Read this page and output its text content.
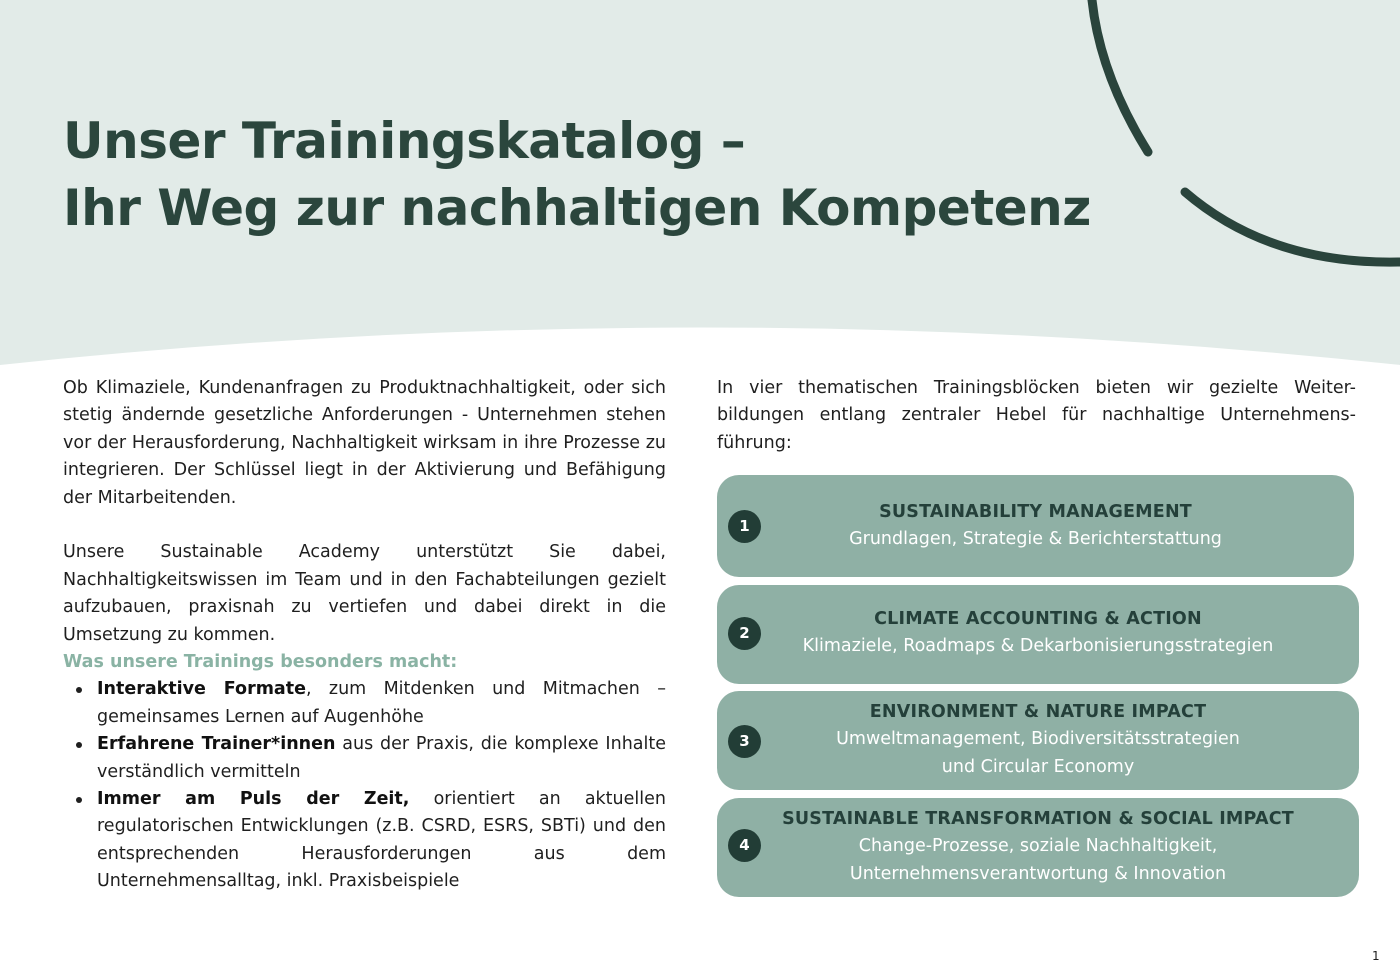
Unser Trainingskatalog –
Ihr Weg zur nachhaltigen Kompetenz

Ob Klimaziele, Kundenanfragen zu Produktnachhaltigkeit, oder sich stetig ändernde gesetzliche Anforderungen - Unternehmen stehen vor der Herausforderung, Nachhaltigkeit wirksam in ihre Prozesse zu integrieren. Der Schlüssel liegt in der Aktivierung und Befähigung der Mitarbeitenden.

Unsere Sustainable Academy unterstützt Sie dabei, Nachhaltigkeitswissen im Team und in den Fachabteilungen gezielt aufzubauen, praxisnah zu vertiefen und dabei direkt in die Umsetzung zu kommen.

Was unsere Trainings besonders macht:

Interaktive Formate, zum Mitdenken und Mitmachen – gemeinsames Lernen auf Augenhöhe
Erfahrene Trainer*innen aus der Praxis, die komplexe Inhalte verständlich vermitteln
Immer am Puls der Zeit, orientiert an aktuellen regulatorischen Entwicklungen (z.B. CSRD, ESRS, SBTi) und den entsprechenden Herausforderungen aus dem Unternehmensalltag, inkl. Praxisbeispiele

In vier thematischen Trainingsblöcken bieten wir gezielte Weiter-bildungen entlang zentraler Hebel für nachhaltige Unternehmens-führung:

1
SUSTAINABILITY MANAGEMENT
Grundlagen, Strategie & Berichterstattung
2
CLIMATE ACCOUNTING & ACTION
Klimaziele, Roadmaps & Dekarbonisierungsstrategien
3
ENVIRONMENT & NATURE IMPACT
Umweltmanagement, Biodiversitätsstrategien
und Circular Economy
4
SUSTAINABLE TRANSFORMATION & SOCIAL IMPACT
Change-Prozesse, soziale Nachhaltigkeit,
Unternehmensverantwortung & Innovation
1
